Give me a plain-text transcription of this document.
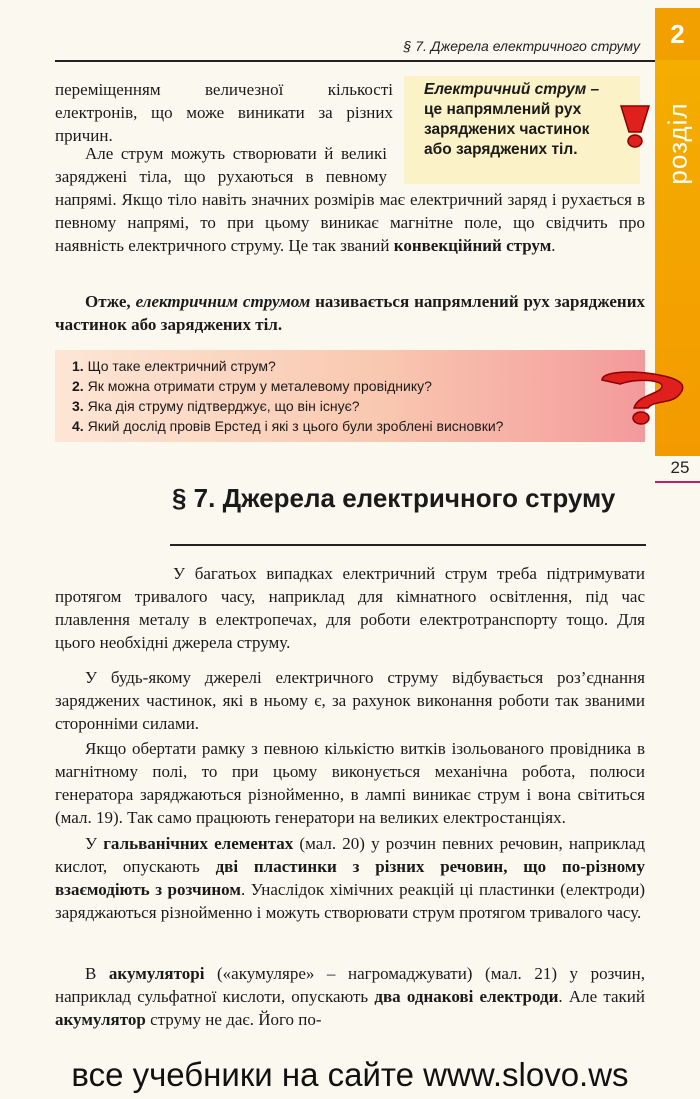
§ 7. Джерела електричного струму	2
розділ
25

переміщенням величезної кількості електронів, що може виникати за різних причин.

Але струм можуть створювати й великі заряджені тіла, що рухаються в певному напрямі. Якщо тіло навіть значних розмірів має електричний заряд і рухається в певному напрямі, то при цьому виникає магнітне поле, що свідчить про наявність електричного струму. Це так званий конвекційний струм.

Отже, електричним струмом називається напрямлений рух заряджених частинок або заряджених тіл.

Електричний струм – це напрямлений рух заряджених частинок або заряджених тіл.
1. Що таке електричний струм?
2. Як можна отримати струм у металевому провіднику?
3. Яка дія струму підтверджує, що він існує?
4. Який дослід провів Ерстед і які з цього були зроблені висновки?
§ 7. Джерела електричного струму

У багатьох випадках електричний струм треба підтримувати протягом тривалого часу, наприклад для кімнатного освітлення, під час плавлення металу в електропечах, для роботи електротранспорту тощо. Для цього необхідні джерела струму.

У будь-якому джерелі електричного струму відбувається роз’єднання заряджених частинок, які в ньому є, за рахунок виконання роботи так званими сторонніми силами.

Якщо обертати рамку з певною кількістю витків ізольованого провідника в магнітному полі, то при цьому виконується механічна робота, полюси генератора заряджаються різнойменно, в лампі виникає струм і вона світиться (мал. 19). Так само працюють генератори на великих електростанціях.

У гальванічних елементах (мал. 20) у розчин певних речовин, наприклад кислот, опускають дві пластинки з різних речовин, що по-різному взаємодіють з розчином. Унаслідок хімічних реакцій ці пластинки (електроди) заряджаються різнойменно і можуть створювати струм протягом тривалого часу.

В акумуляторі («акумуляре» – нагромаджувати) (мал. 21) у розчин, наприклад сульфатної кислоти, опускають два однакові електроди. Але такий акумулятор струму не дає. Його по-

все учебники на сайте www.slovo.ws
